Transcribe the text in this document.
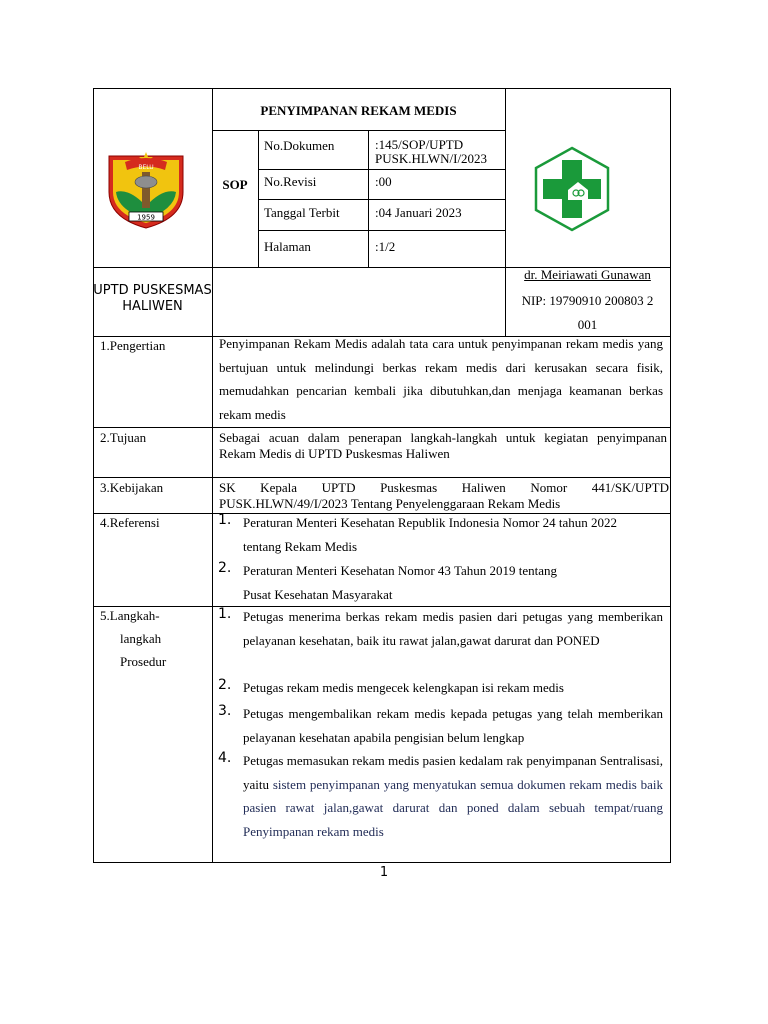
BELU
1959
PENYIMPANAN REKAM MEDIS
SOP
No.Dokumen	:145/SOP/UPTD PUSK.HLWN/I/2023
No.Revisi	:00
Tanggal Terbit	:04 Januari 2023
Halaman	:1/2
UPTD PUSKESMAS HALIWEN
dr. Meiriawati Gunawan
NIP: 19790910 200803 2 001
1.Pengertian	Penyimpanan Rekam Medis adalah tata cara untuk penyimpanan rekam medis yang bertujuan untuk melindungi berkas rekam medis dari kerusakan secara fisik, memudahkan pencarian kembali jika dibutuhkan,dan menjaga keamanan berkas rekam medis
2.Tujuan	Sebagai acuan dalam penerapan langkah-langkah untuk kegiatan penyimpanan Rekam Medis di UPTD Puskesmas Haliwen
3.Kebijakan	SK Kepala UPTD Puskesmas Haliwen Nomor 441/SK/UPTD PUSK.HLWN/49/I/2023 Tentang Penyelenggaraan Rekam Medis
4.Referensi	1. Peraturan Menteri Kesehatan Republik Indonesia Nomor 24 tahun 2022
tentang Rekam Medis
2. Peraturan Menteri Kesehatan Nomor 43 Tahun 2019 tentang
Pusat Kesehatan Masyarakat
5.Langkah-
langkah
Prosedur
1. Petugas menerima berkas rekam medis pasien dari petugas yang memberikan pelayanan kesehatan, baik itu rawat jalan,gawat darurat dan PONED
2. Petugas rekam medis mengecek kelengkapan isi rekam medis
3. Petugas mengembalikan rekam medis kepada petugas yang telah memberikan pelayanan kesehatan apabila pengisian belum lengkap
4. Petugas memasukan rekam medis pasien kedalam rak penyimpanan Sentralisasi, yaitu sistem penyimpanan yang menyatukan semua dokumen rekam medis baik pasien rawat jalan,gawat darurat dan poned dalam sebuah tempat/ruang Penyimpanan rekam medis
1
